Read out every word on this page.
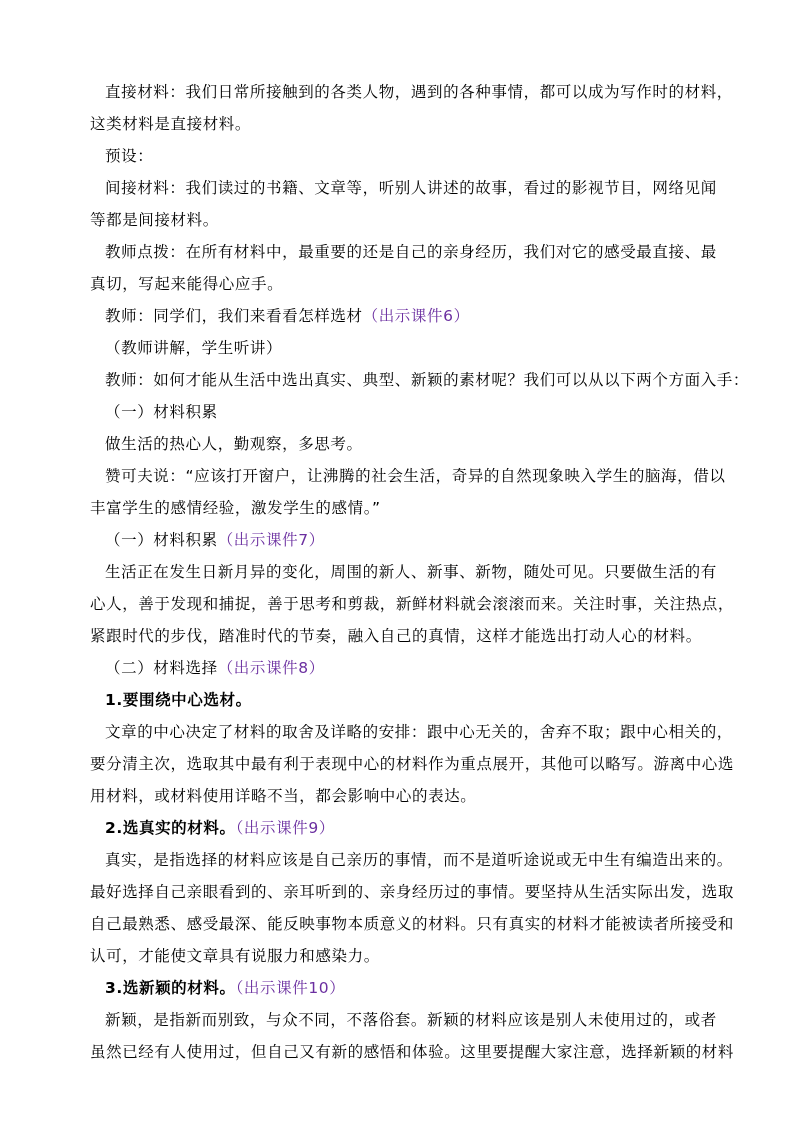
直接材料：我们日常所接触到的各类人物，遇到的各种事情，都可以成为写作时的材料，
这类材料是直接材料。
预设：
间接材料：我们读过的书籍、文章等，听别人讲述的故事，看过的影视节目，网络见闻
等都是间接材料。
教师点拨：在所有材料中，最重要的还是自己的亲身经历，我们对它的感受最直接、最
真切，写起来能得心应手。
教师：同学们，我们来看看怎样选材（出示课件6）
（教师讲解，学生听讲）
教师：如何才能从生活中选出真实、典型、新颖的素材呢？我们可以从以下两个方面入手：
（一）材料积累
做生活的热心人，勤观察，多思考。
赞可夫说：“应该打开窗户，让沸腾的社会生活，奇异的自然现象映入学生的脑海，借以
丰富学生的感情经验，激发学生的感情。”
（一）材料积累（出示课件7）
生活正在发生日新月异的变化，周围的新人、新事、新物，随处可见。只要做生活的有
心人，善于发现和捕捉，善于思考和剪裁，新鲜材料就会滚滚而来。关注时事，关注热点，
紧跟时代的步伐，踏准时代的节奏，融入自己的真情，这样才能选出打动人心的材料。
（二）材料选择（出示课件8）
1.要围绕中心选材。
文章的中心决定了材料的取舍及详略的安排：跟中心无关的，舍弃不取；跟中心相关的，
要分清主次，选取其中最有利于表现中心的材料作为重点展开，其他可以略写。游离中心选
用材料，或材料使用详略不当，都会影响中心的表达。
2.选真实的材料。（出示课件9）
真实，是指选择的材料应该是自己亲历的事情，而不是道听途说或无中生有编造出来的。
最好选择自己亲眼看到的、亲耳听到的、亲身经历过的事情。要坚持从生活实际出发，选取
自己最熟悉、感受最深、能反映事物本质意义的材料。只有真实的材料才能被读者所接受和
认可，才能使文章具有说服力和感染力。
3.选新颖的材料。（出示课件10）
新颖，是指新而别致，与众不同，不落俗套。新颖的材料应该是别人未使用过的，或者
虽然已经有人使用过，但自己又有新的感悟和体验。这里要提醒大家注意，选择新颖的材料
